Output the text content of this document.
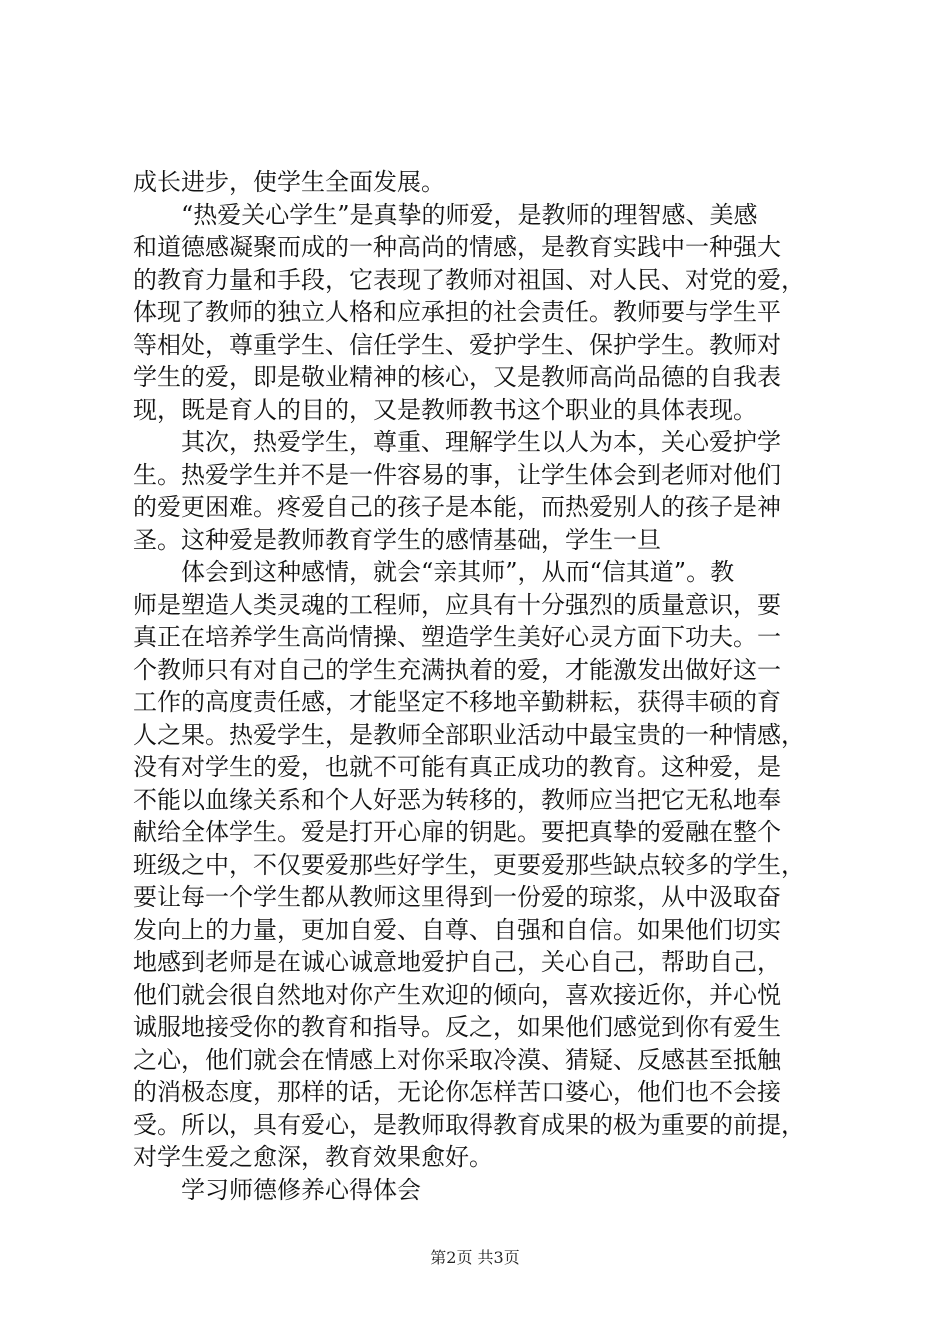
成长进步，使学生全面发展。
“热爱关心学生”是真挚的师爱，是教师的理智感、美感
和道德感凝聚而成的一种高尚的情感，是教育实践中一种强大
的教育力量和手段，它表现了教师对祖国、对人民、对党的爱，
体现了教师的独立人格和应承担的社会责任。教师要与学生平
等相处，尊重学生、信任学生、爱护学生、保护学生。教师对
学生的爱，即是敬业精神的核心，又是教师高尚品德的自我表
现，既是育人的目的，又是教师教书这个职业的具体表现。
其次，热爱学生，尊重、理解学生以人为本，关心爱护学
生。热爱学生并不是一件容易的事，让学生体会到老师对他们
的爱更困难。疼爱自己的孩子是本能，而热爱别人的孩子是神
圣。这种爱是教师教育学生的感情基础，学生一旦
体会到这种感情，就会“亲其师”，从而“信其道”。教
师是塑造人类灵魂的工程师，应具有十分强烈的质量意识，要
真正在培养学生高尚情操、塑造学生美好心灵方面下功夫。一
个教师只有对自己的学生充满执着的爱，才能激发出做好这一
工作的高度责任感，才能坚定不移地辛勤耕耘，获得丰硕的育
人之果。热爱学生，是教师全部职业活动中最宝贵的一种情感，
没有对学生的爱，也就不可能有真正成功的教育。这种爱，是
不能以血缘关系和个人好恶为转移的，教师应当把它无私地奉
献给全体学生。爱是打开心扉的钥匙。要把真挚的爱融在整个
班级之中，不仅要爱那些好学生，更要爱那些缺点较多的学生，
要让每一个学生都从教师这里得到一份爱的琼浆，从中汲取奋
发向上的力量，更加自爱、自尊、自强和自信。如果他们切实
地感到老师是在诚心诚意地爱护自己，关心自己，帮助自己，
他们就会很自然地对你产生欢迎的倾向，喜欢接近你，并心悦
诚服地接受你的教育和指导。反之，如果他们感觉到你有爱生
之心，他们就会在情感上对你采取冷漠、猜疑、反感甚至抵触
的消极态度，那样的话，无论你怎样苦口婆心，他们也不会接
受。所以，具有爱心，是教师取得教育成果的极为重要的前提，
对学生爱之愈深，教育效果愈好。
学习师德修养心得体会
第2页 共3页
